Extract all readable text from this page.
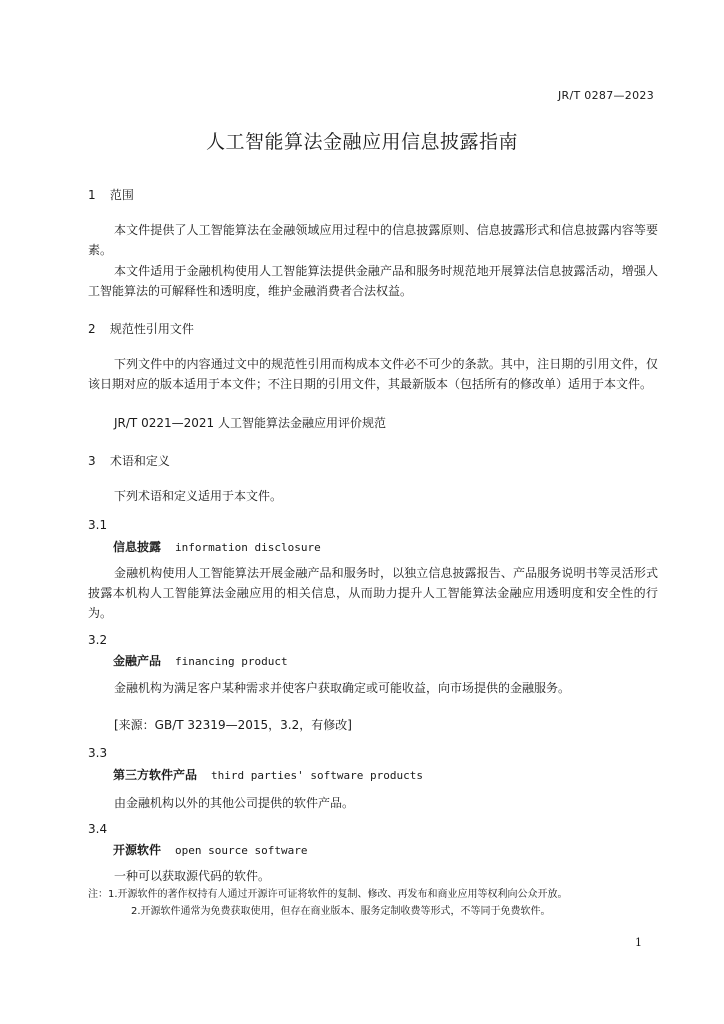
JR/T 0287—2023
人工智能算法金融应用信息披露指南
1 范围
本文件提供了人工智能算法在金融领域应用过程中的信息披露原则、信息披露形式和信息披露内容等要素。
本文件适用于金融机构使用人工智能算法提供金融产品和服务时规范地开展算法信息披露活动，增强人工智能算法的可解释性和透明度，维护金融消费者合法权益。
2 规范性引用文件
下列文件中的内容通过文中的规范性引用而构成本文件必不可少的条款。其中，注日期的引用文件，仅该日期对应的版本适用于本文件；不注日期的引用文件，其最新版本（包括所有的修改单）适用于本文件。
JR/T 0221—2021 人工智能算法金融应用评价规范
3 术语和定义
下列术语和定义适用于本文件。
3.1
信息披露 information disclosure
金融机构使用人工智能算法开展金融产品和服务时，以独立信息披露报告、产品服务说明书等灵活形式披露本机构人工智能算法金融应用的相关信息，从而助力提升人工智能算法金融应用透明度和安全性的行为。
3.2
金融产品 financing product
金融机构为满足客户某种需求并使客户获取确定或可能收益，向市场提供的金融服务。
[来源：GB/T 32319—2015，3.2，有修改]
3.3
第三方软件产品 third parties' software products
由金融机构以外的其他公司提供的软件产品。
3.4
开源软件 open source software
一种可以获取源代码的软件。
注：1.开源软件的著作权持有人通过开源许可证将软件的复制、修改、再发布和商业应用等权利向公众开放。
2.开源软件通常为免费获取使用，但存在商业版本、服务定制收费等形式，不等同于免费软件。
1
